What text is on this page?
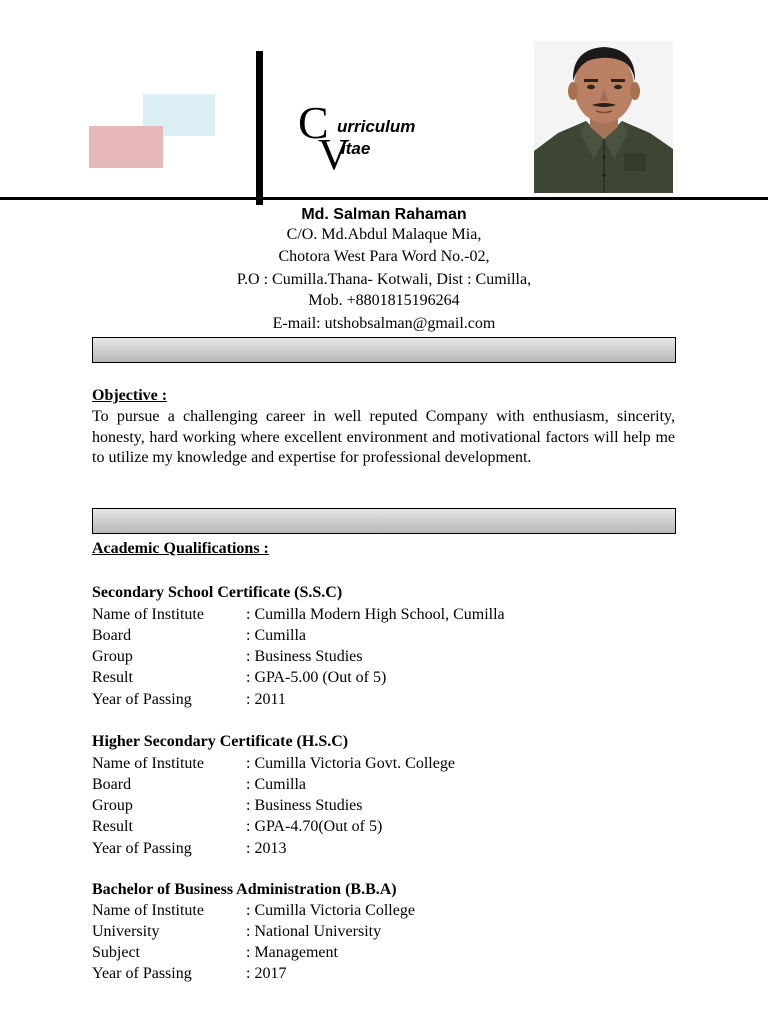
C
V
urriculum
itae
Md. Salman Rahaman
C/O. Md.Abdul Malaque Mia,
Chotora West Para Word No.-02,
P.O : Cumilla.Thana- Kotwali, Dist : Cumilla,
Mob. +8801815196264
E-mail: utshobsalman@gmail.com
Objective :

To pursue a challenging career in well reputed Company with enthusiasm, sincerity, honesty, hard working where excellent environment and motivational factors will help me to utilize my knowledge and expertise for professional development.

Academic Qualifications :
Secondary School Certificate (S.S.C)
Name of Institute	: Cumilla Modern High School, Cumilla
Board	: Cumilla
Group	: Business Studies
Result	: GPA-5.00 (Out of 5)
Year of Passing	: 2011
Higher Secondary Certificate (H.S.C)
Name of Institute	: Cumilla Victoria Govt. College
Board	: Cumilla
Group	: Business Studies
Result	: GPA-4.70(Out of 5)
Year of Passing	: 2013
Bachelor of Business Administration (B.B.A)
Name of Institute	: Cumilla Victoria College
University	: National University
Subject	: Management
Year of Passing	: 2017
